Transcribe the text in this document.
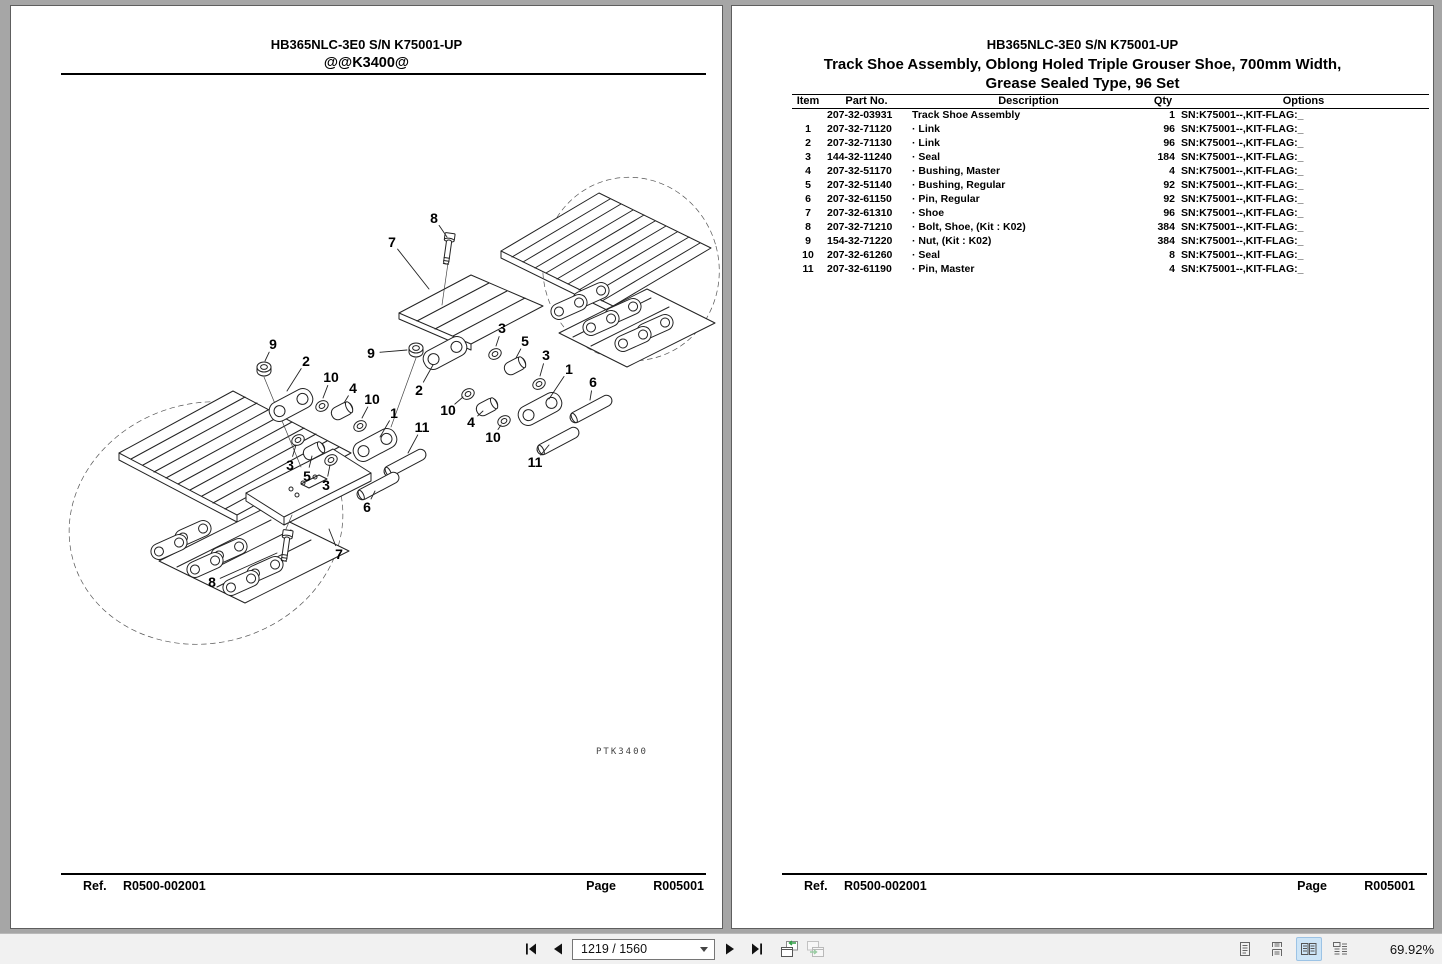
HB365NLC-3E0 S/N K75001-UP
@@K3400@
8
7
9
2	9
3
5
3
1
6
10
4
10
2
1	10
4
11
10
11
3
5
3
6
7
8
PTK3400
Ref. R0500-002001	Page	R005001
HB365NLC-3E0 S/N K75001-UP
Track Shoe Assembly, Oblong Holed Triple Grouser Shoe, 700mm Width,
Grease Sealed Type, 96 Set
Item	Part No.	Description	Qty	Options
	207-32-03931	Track Shoe Assembly	1	SN:K75001--,KIT-FLAG:_
1	207-32-71120	· Link	96	SN:K75001--,KIT-FLAG:_
2	207-32-71130	· Link	96	SN:K75001--,KIT-FLAG:_
3	144-32-11240	· Seal	184	SN:K75001--,KIT-FLAG:_
4	207-32-51170	· Bushing, Master	4	SN:K75001--,KIT-FLAG:_
5	207-32-51140	· Bushing, Regular	92	SN:K75001--,KIT-FLAG:_
6	207-32-61150	· Pin, Regular	92	SN:K75001--,KIT-FLAG:_
7	207-32-61310	· Shoe	96	SN:K75001--,KIT-FLAG:_
8	207-32-71210	· Bolt, Shoe, (Kit : K02)	384	SN:K75001--,KIT-FLAG:_
9	154-32-71220	· Nut, (Kit : K02)	384	SN:K75001--,KIT-FLAG:_
10	207-32-61260	· Seal	8	SN:K75001--,KIT-FLAG:_
11	207-32-61190	· Pin, Master	4	SN:K75001--,KIT-FLAG:_

Ref. R0500-002001	Page	R005001
1219 / 1560	69.92%
